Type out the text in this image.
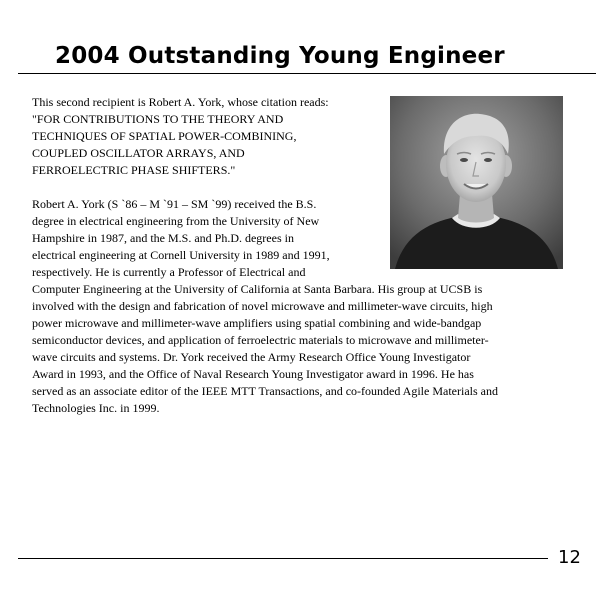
2004 Outstanding Young Engineer
This second recipient is Robert A. York, whose citation reads:
"FOR CONTRIBUTIONS TO THE THEORY AND
TECHNIQUES OF SPATIAL POWER-COMBINING,
COUPLED OSCILLATOR ARRAYS, AND
FERROELECTRIC PHASE SHIFTERS."
Robert A. York (S `86 – M `91 – SM `99) received the B.S.
degree in electrical engineering from the University of New
Hampshire in 1987, and the M.S. and Ph.D. degrees in
electrical engineering at Cornell University in 1989 and 1991,
respectively. He is currently a Professor of Electrical and
Computer Engineering at the University of California at Santa Barbara. His group at UCSB is
involved with the design and fabrication of novel microwave and millimeter-wave circuits, high
power microwave and millimeter-wave amplifiers using spatial combining and wide-bandgap
semiconductor devices, and application of ferroelectric materials to microwave and millimeter-
wave circuits and systems. Dr. York received the Army Research Office Young Investigator
Award in 1993, and the Office of Naval Research Young Investigator award in 1996. He has
served as an associate editor of the IEEE MTT Transactions, and co-founded Agile Materials and
Technologies Inc. in 1999.
12
